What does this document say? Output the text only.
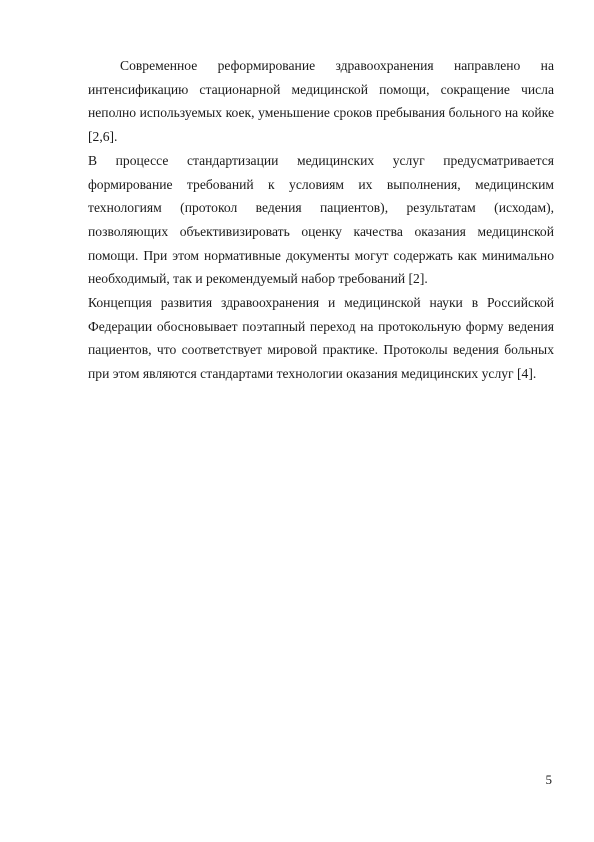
Современное реформирование здравоохранения направлено на интенсификацию стационарной медицинской помощи, сокращение числа неполно используемых коек, уменьшение сроков пребывания больного на койке [2,6].

В процессе стандартизации медицинских услуг предусматривается формирование требований к условиям их выполнения, медицинским технологиям (протокол ведения пациентов), результатам (исходам), позволяющих объективизировать оценку качества оказания медицинской помощи. При этом нормативные документы могут содержать как минимально необходимый, так и рекомендуемый набор требований [2].

Концепция развития здравоохранения и медицинской науки в Российской Федерации обосновывает поэтапный переход на протокольную форму ведения пациентов, что соответствует мировой практике. Протоколы ведения больных при этом являются стандартами технологии оказания медицинских услуг [4].

5
